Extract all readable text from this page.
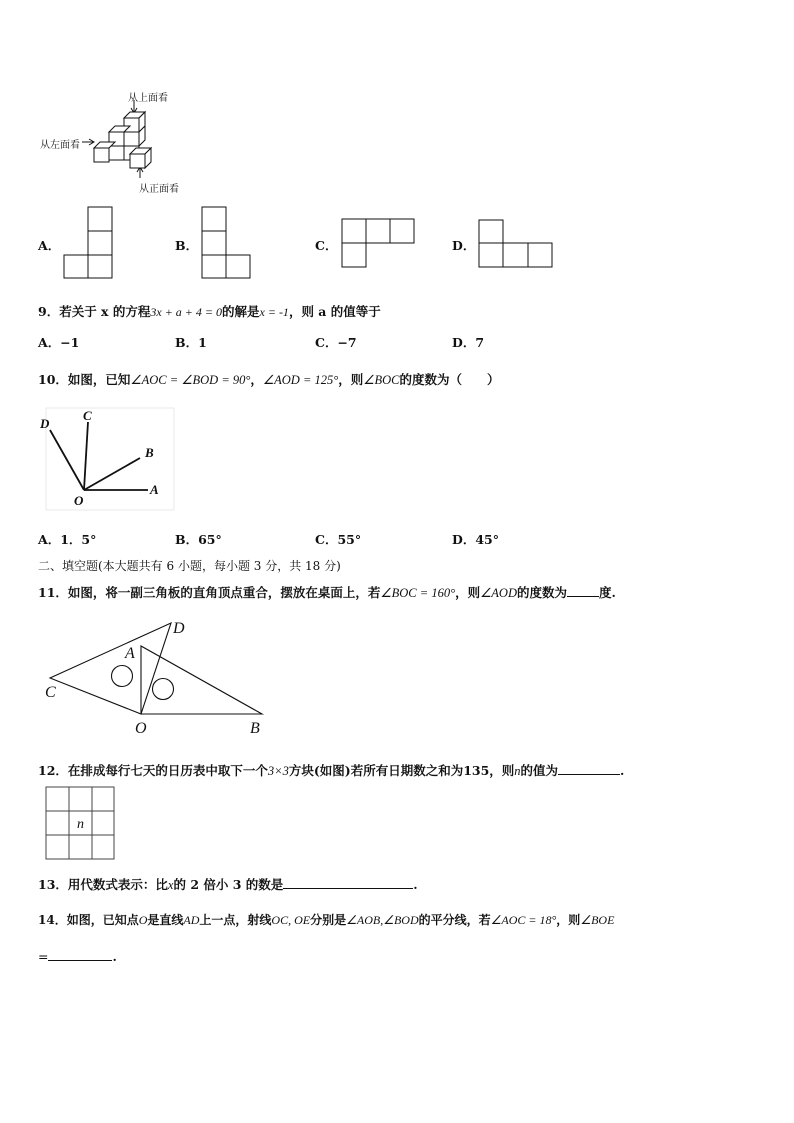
从上面看
从左面看
从正面看
A．	B．	C．	D．
9．若关于 x 的方程3x + a + 4 = 0的解是x = -1，则 a 的值等于
A．−1	B．1	C．−7	D．7
10．如图，已知∠AOC = ∠BOD = 90°，∠AOD = 125°，则∠BOC的度数为（　　）
D
C
B
O
A
A．1．5°	B．65°	C．55°	D．45°
二、填空题(本大题共有 6 小题，每小题 3 分，共 18 分)
11．如图，将一副三角板的直角顶点重合，摆放在桌面上，若∠BOC = 160°，则∠AOD的度数为	度.
D
A
C
O	B
12．在排成每行七天的日历表中取下一个3×3方块(如图)若所有日期数之和为135，则n的值为	.
n
13．用代数式表示：比x的 2 倍小 3 的数是	.
14．如图，已知点O是直线AD上一点，射线OC, OE分别是∠AOB,∠BOD的平分线，若∠AOC = 18°，则∠BOE
=	.
